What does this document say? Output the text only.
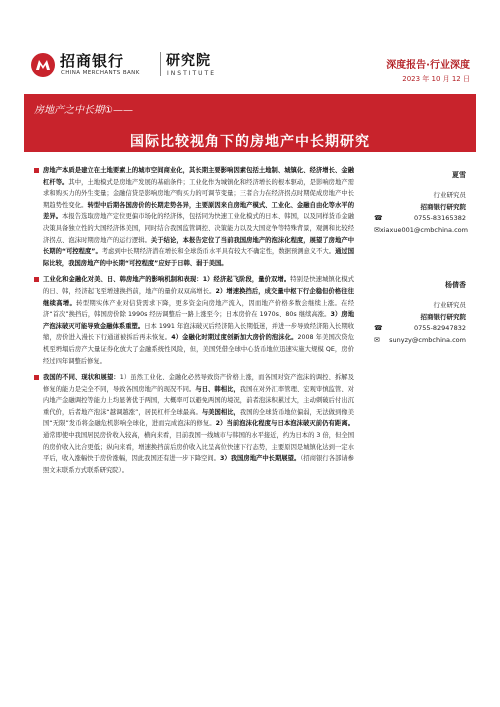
招商银行
CHINA MERCHANTS BANK
研究院
INSTITUTE
深度报告·行业深度
2023 年 10 月 12 日
房地产之中长期①——
国际比较视角下的房地产中长期研究
房地产本质是建立在土地要素上的城市空间商业化，其长期主要影响因素包括土地制、城镇化、经济增长、金融杠杆等。其中，土地模式是房地产发展的基础条件；工业化作为城镇化和经济增长的根本驱动，是影响房地产需求和购买力的外生变量；金融信贷是影响房地产购买力的可调节变量；三者合力在经济拐点时期促成房地产中长期趋势性变化。转型中后期各国房价的长期走势各异，主要原因来自房地产模式、工业化、金融自由化等水平的差异。本报告选取房地产定位更偏市场化的经济体，包括同为快速工业化模式的日本、韩国，以及同样货币金融决策具备独立性的大国经济体美国，同时结合我国监管调控、决策能力以及大国竞争等特殊背景，观测和比较经济拐点、泡沫时期房地产的运行逻辑。关于结论，本报告定位了当前我国房地产的泡沫化程度，展望了房地产中长期的“可控程度”。考虑到中长期经济潜在增长和全球货币水平具有较大不确定性，数据预测意义不大。通过国际比较，我国房地产的中长期“可控程度”应好于日韩、弱于美国。
工业化和金融化对美、日、韩房地产的影响机制和表现：1）经济起飞阶段，量价双增。特别是快速城镇化模式的日、韩，经济起飞至增速换挡前，地产的量价双双高增长。2）增速换挡后，成交量中枢下行企稳但价格往往继续高增。转型期实体产业对信贷需求下降，更多资金向房地产流入，因而地产价格多数会继续上涨。在经济“首次”换挡后，韩国房价除 1990s 经历调整后一路上涨至今；日本房价在 1970s、80s 继续高涨。3）房地产泡沫破灭可能导致金融体系重塑。日本 1991 年泡沫破灭后经济陷入长期低迷，并进一步导致经济陷入长期收缩，房价进入漫长下行通道被拆后再未恢复。4）金融化时期过度创新加大房价的泡沫化。2008 年美国次贷危机至坍塌后房产大量证券化放大了金融系统性风险，但，美国凭借全球中心货币地位迅速实施大规模 QE，房价经过四年调整后修复。
我国的不同、现状和展望：1）虽然工业化、金融化必然导致资产价格上涨，而各国对资产泡沫的调控、拆解及修复的能力是完全不同，导致各国房地产的现况不同。与日、韩相比，我国在对外汇率管理、宏观审慎监管、对内地产金融调控等能力上均显著优于两国，大概率可以避免两国的境况，前者泡沫积累过大，主动刺破后付出沉重代价，后者地产泡沫“越调越涨”，居民杠杆全球最高。与美国相比，我国的全球货币地位偏弱，无法做到像美国“无限”发币将金融危机影响全球化，进而完成泡沫的修复。2）当前泡沫化程度与日本泡沫破灭前仍有距离。通常即使中我国居民房价收入较高，横向来看，目前我国一线城市与韩国的水平接近，约为日本的 3 倍，但全国的房价收入比合更低；纵向来看，增速换挡前后房价收入比呈高位快速下行态势，主要原因是城镇化达到一定水平后，收入涨幅快于房价涨幅，因此我国还有进一步下降空间。3）我国房地产中长期展望。（招商银行各部请参照文末联系方式联系研究院）。
夏雪
行业研究员
招商银行研究院
☎	0755-83165382
✉ xiaxue001@cmbchina.com
杨倩香
行业研究员
招商银行研究院
☎	0755-82947832
✉	sunyzy@cmbchina.com
